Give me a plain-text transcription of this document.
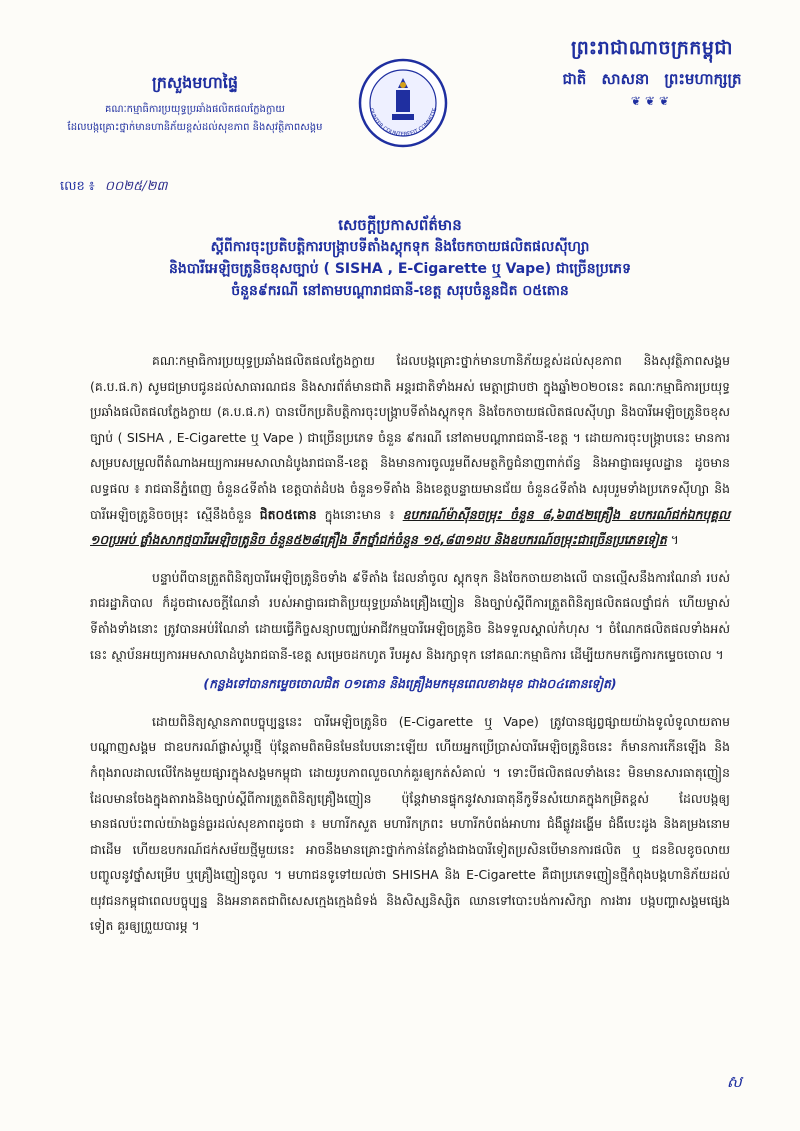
ព្រះរាជាណាចក្រកម្ពុជា
ជាតិ សាសនា ព្រះមហាក្សត្រ
❦❦❦
ក្រសួងមហាផ្ទៃ
គណៈកម្មាធិការប្រយុទ្ធប្រឆាំងផលិតផលក្លែងក្លាយ
ដែលបង្កគ្រោះថ្នាក់មានហានិភ័យខ្ពស់ដល់សុខភាព និងសុវត្ថិភាពសង្គម
OUNTER COUNTERFEIT COMMITTE
លេខ ៖ ០០២៥/២៣
សេចក្តីប្រកាសព័ត៌មាន
ស្តីពីការចុះប្រតិបត្តិការបង្ក្រាបទីតាំងស្តុកទុក និងចែកចាយផលិតផលស៊ីហ្សា
និងបារីអេឡិចត្រូនិចខុសច្បាប់ ( SISHA , E-Cigarette ឬ Vape) ជាច្រើនប្រភេទ
ចំនួន៩ករណី នៅតាមបណ្តារាជធានី-ខេត្ត សរុបចំនួនជិត ០៥តោន

គណៈកម្មាធិការប្រយុទ្ធប្រឆាំងផលិតផលក្លែងក្លាយ ដែលបង្កគ្រោះថ្នាក់មានហានិភ័យខ្ពស់ដល់សុខភាព និងសុវត្ថិភាពសង្គម (គ.ប.ផ.ក) សូមជម្រាបជូនដល់សាធារណជន និងសារព័ត៌មានជាតិ អន្តរជាតិទាំងអស់ មេត្តាជ្រាបថា ក្នុងឆ្នាំ២០២០នេះ គណៈកម្មាធិការប្រយុទ្ធប្រឆាំងផលិតផលក្លែងក្លាយ (គ.ប.ផ.ក) បានបើកប្រតិបត្តិការចុះបង្ក្រាបទីតាំងស្តុកទុក និងចែកចាយផលិតផលស៊ីហ្សា និងបារីអេឡិចត្រូនិចខុសច្បាប់ ( SISHA , E-Cigarette ឬ Vape ) ជាច្រើនប្រភេទ ចំនួន ៩ករណី នៅតាមបណ្តារាជធានី-ខេត្ត ។ ដោយការចុះបង្ក្រាបនេះ មានការសម្របសម្រួលពីតំណាងអយ្យការអមសាលាដំបូងរាជធានី-ខេត្ត និងមានការចូលរួមពីសមត្ថកិច្ចជំនាញពាក់ព័ន្ធ និងអាជ្ញាធរមូលដ្ឋាន ដូចមានលទ្ធផល ៖ រាជធានីភ្នំពេញ ចំនួន៤ទីតាំង ខេត្តបាត់ដំបង ចំនួន១ទីតាំង និងខេត្តបន្ទាយមានជ័យ ចំនួន៤ទីតាំង សរុបរួមទាំងប្រភេទស៊ីហ្សា និងបារីអេឡិចត្រូនិចចម្រុះ ស្មើនឹងចំនួន ជិត០៥តោន ក្នុងនោះមាន ៖ ឧបករណ៍ម៉ាស៊ីនចម្រុះ ចំនួន ៨,៦៣៥២គ្រឿង ឧបករណ៍ជក់ឯកបុគ្គល ១០ប្រអប់ ផ្លាំងសាកថ្មបារីអេឡិចត្រូនិច ចំនួន៥២៨គ្រឿង ទឹកថ្នាំជក់ចំនួន ១៥,៨៣១ដប និងឧបករណ៍ចម្រុះជាច្រើនប្រភេទទៀត ។

បន្ទាប់ពីបានត្រួតពិនិត្យបារីអេឡិចត្រូនិចទាំង ៩ទីតាំង ដែលនាំចូល ស្តុកទុក និងចែកចាយខាងលើ បានល្មើសនឹងការណែនាំ របស់រាជរដ្ឋាភិបាល ក៏ដូចជាសេចក្តីណែនាំ របស់អាជ្ញាធរជាតិប្រយុទ្ធប្រឆាំងគ្រឿងញៀន និងច្បាប់ស្តីពីការត្រួតពិនិត្យផលិតផលថ្នាំជក់ ហើយម្ចាស់ទីតាំងទាំងនោះ ត្រូវបានអប់រំណែនាំ ដោយធ្វើកិច្ចសន្យាបញ្ឈប់អាជីវកម្មបារីអេឡិចត្រូនិច និងទទួលស្គាល់កំហុស ។ ចំណែកផលិតផលទាំងអស់នេះ ស្ថាប័នអយ្យការអមសាលាដំបូងរាជធានី-ខេត្ត សម្រេចដកហូត រឹបអូស និងរក្សាទុក នៅគណៈកម្មាធិការ ដើម្បីយកមកធ្វើការកម្ទេចចោល ។

(កន្លងទៅបានកម្ទេចចោលជិត ០១តោន និងគ្រឿងមកមុនពេលខាងមុខ ជាង០៤តោនទៀត)

ដោយពិនិត្យស្ថានភាពបច្ចុប្បន្ននេះ បារីអេឡិចត្រូនិច (E-Cigarette ឬ Vape) ត្រូវបានផ្សព្វផ្សាយយ៉ាងទូលំទូលាយតាមបណ្តាញសង្គម ជាឧបករណ៍ផ្លាស់ប្តូរថ្មី ប៉ុន្តែតាមពិតមិនមែនបែបនោះឡើយ ហើយអ្នកប្រើប្រាស់បារីអេឡិចត្រូនិចនេះ ក៏មានការកើនឡើង និងកំពុងរាលដាលលើកែងមួយផ្សារក្នុងសង្គមកម្ពុជា ដោយរូបភាពលួចលាក់គួរឲ្យកត់សំគាល់ ។ ទោះបីផលិតផលទាំងនេះ មិនមានសារធាតុញៀន ដែលមានចែងក្នុងតារាងនិងច្បាប់ស្តីពីការត្រួតពិនិត្យគ្រឿងញៀន ប៉ុន្តែវាមានផ្ទុកនូវសារធាតុនីកូទីនសំយោគក្នុងកម្រិតខ្ពស់ ដែលបង្កឲ្យមានផលប៉ះពាល់យ៉ាងធ្ងន់ធ្ងរដល់សុខភាពដូចជា ៖ មហារីកសួត មហារីកក្រពះ មហារីកបំពង់អាហារ ជំងឺផ្លូវដង្ហើម ជំងឺបេះដូង និងគម្រងនោមជាដើម ហើយឧបករណ៍ជក់សម័យថ្មីមួយនេះ អាចនឹងមានគ្រោះថ្នាក់កាន់តែខ្លាំងជាងបារីទៀតប្រសិនបើមានការផលិត ឬ ជនខិលខូចលាយបញ្ចូលនូវថ្នាំសម្រើប ឬគ្រឿងញៀនចូល ។ មហាជនទូទៅយល់ថា SHISHA និង E-Cigarette គឺជាប្រភេទញៀនថ្មីកំពុងបង្កហានិភ័យដល់យុវជនកម្ពុជាពេលបច្ចុប្បន្ន និងអនាគតជាពិសេសក្មេងក្មេងជំទង់ និងសិស្សនិស្សិត ឈានទៅបោះបង់ការសិក្សា ការងារ បង្កបញ្ហាសង្គមផ្សេងទៀត គួរឲ្យព្រួយបារម្ភ ។

ស
